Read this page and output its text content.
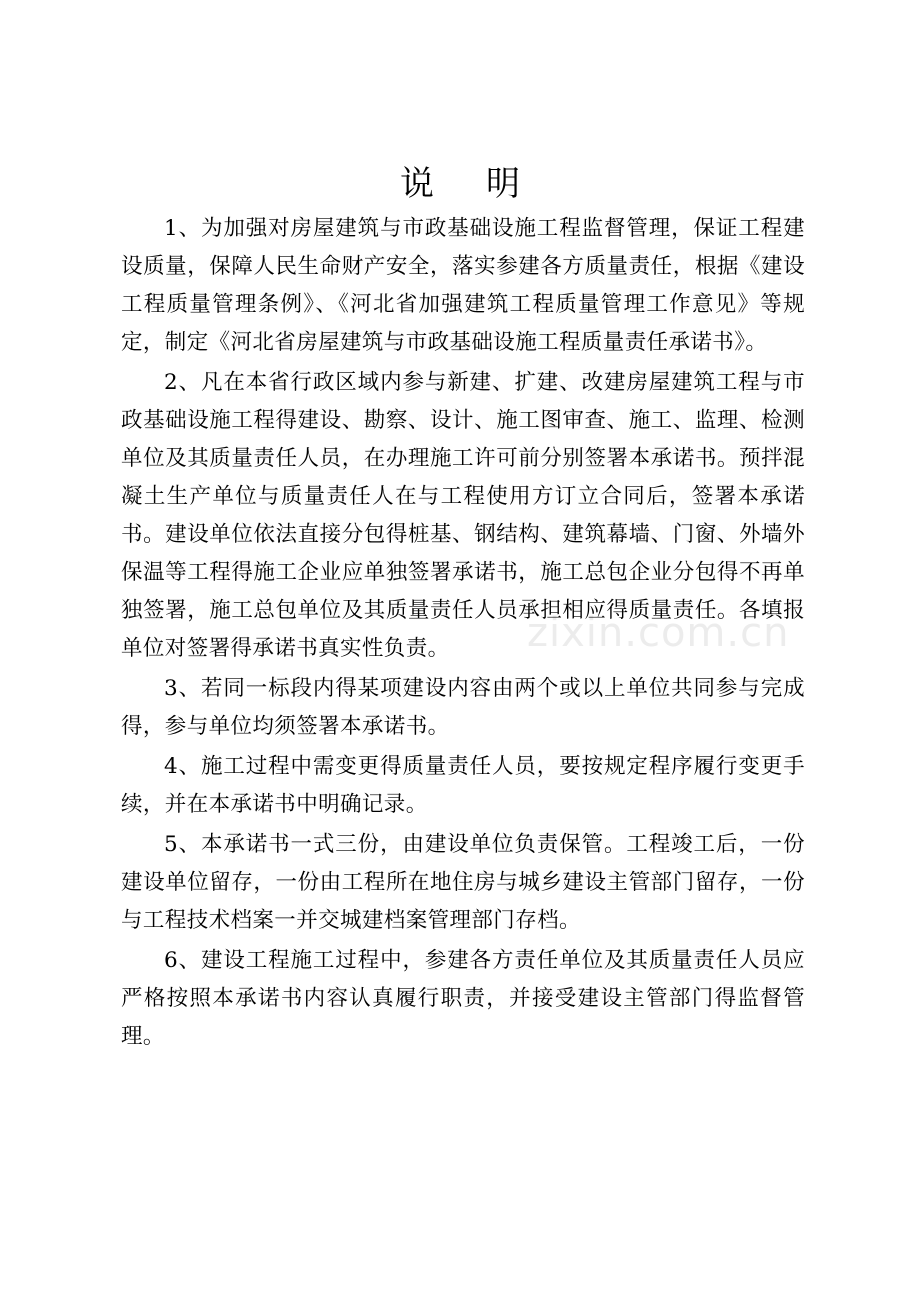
zixin.com.cn
说 明

1、为加强对房屋建筑与市政基础设施工程监督管理，保证工程建设质量，保障人民生命财产安全，落实参建各方质量责任，根据《建设工程质量管理条例》、《河北省加强建筑工程质量管理工作意见》等规定，制定《河北省房屋建筑与市政基础设施工程质量责任承诺书》。

2、凡在本省行政区域内参与新建、扩建、改建房屋建筑工程与市政基础设施工程得建设、勘察、设计、施工图审查、施工、监理、检测单位及其质量责任人员，在办理施工许可前分别签署本承诺书。预拌混凝土生产单位与质量责任人在与工程使用方订立合同后，签署本承诺书。建设单位依法直接分包得桩基、钢结构、建筑幕墙、门窗、外墙外保温等工程得施工企业应单独签署承诺书，施工总包企业分包得不再单独签署，施工总包单位及其质量责任人员承担相应得质量责任。各填报单位对签署得承诺书真实性负责。

3、若同一标段内得某项建设内容由两个或以上单位共同参与完成得，参与单位均须签署本承诺书。

4、施工过程中需变更得质量责任人员，要按规定程序履行变更手续，并在本承诺书中明确记录。

5、本承诺书一式三份，由建设单位负责保管。工程竣工后，一份建设单位留存，一份由工程所在地住房与城乡建设主管部门留存，一份与工程技术档案一并交城建档案管理部门存档。

6、建设工程施工过程中，参建各方责任单位及其质量责任人员应严格按照本承诺书内容认真履行职责，并接受建设主管部门得监督管理。
